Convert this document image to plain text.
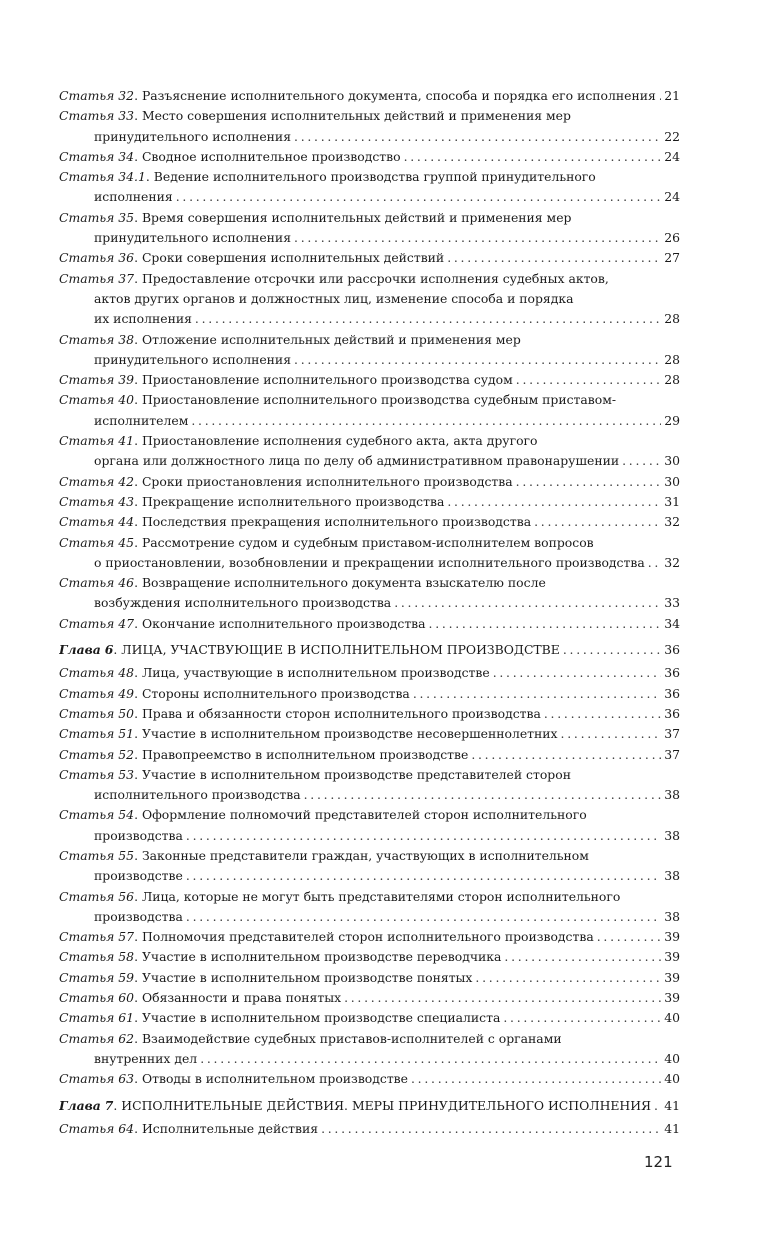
Статья
32 . Разъяснение исполнительного документа, способа и порядка его исполнения . . . 21
Статья
33 . Место совершения исполнительных действий и применения мер
принудительного исполнения . . .	22
Статья
34 . Сводное исполнительное производство . . .	24
Статья
34.1 . Ведение исполнительного производства группой принудительного
исполнения . . .	24
Статья
35 . Время совершения исполнительных действий и применения мер
принудительного исполнения . . .	26
Статья
36 . Сроки совершения исполнительных действий . . .	27
Статья
37 . Предоставление отсрочки или рассрочки исполнения судебных актов,
актов других органов и должностных лиц, изменение способа и порядка
их исполнения . . .	28
Статья
38 . Отложение исполнительных действий и применения мер
принудительного исполнения . . .	28
Статья
39 . Приостановление исполнительного производства судом . . .	28
Статья
40 . Приостановление исполнительного производства судебным приставом-
исполнителем . . .	29
Статья
41 . Приостановление исполнения судебного акта, акта другого
органа или должностного лица по делу об административном правонарушении . . .	30
Статья
42 . Сроки приостановления исполнительного производства . . .	30
Статья
43 . Прекращение исполнительного производства . . .	31
Статья
44 . Последствия прекращения исполнительного производства . . .	32
Статья
45 . Рассмотрение судом и судебным приставом-исполнителем вопросов
о приостановлении, возобновлении и прекращении исполнительного производства . . . 32
Статья
46 . Возвращение исполнительного документа взыскателю после
возбуждения исполнительного производства . . .	33
Статья
47 . Окончание исполнительного производства . . .	34
Глава
6 . ЛИЦА, УЧАСТВУЮЩИЕ В ИСПОЛНИТЕЛЬНОМ ПРОИЗВОДСТВЕ . . .	36
Статья
48 . Лица, участвующие в исполнительном производстве . . .	36
Статья
49 . Стороны исполнительного производства . . .	36
Статья
50 . Права и обязанности сторон исполнительного производства . . .	36
Статья
51 . Участие в исполнительном производстве несовершеннолетних . . .	37
Статья
52 . Правопреемство в исполнительном производстве . . .	37
Статья
53 . Участие в исполнительном производстве представителей сторон
исполнительного производства . . .	38
Статья
54 . Оформление полномочий представителей сторон исполнительного
производства . . .	38
Статья
55 . Законные представители граждан, участвующих в исполнительном
производстве . . .	38
Статья
56 . Лица, которые не могут быть представителями сторон исполнительного
производства . . .	38
Статья
57 . Полномочия представителей сторон исполнительного производства . . .	39
Статья
58 . Участие в исполнительном производстве переводчика . . .	39
Статья
59 . Участие в исполнительном производстве понятых . . .	39
Статья
60 . Обязанности и права понятых . . .	39
Статья
61 . Участие в исполнительном производстве специалиста . . .	40
Статья
62 . Взаимодействие судебных приставов-исполнителей с органами
внутренних дел . . .	40
Статья
63 . Отводы в исполнительном производстве . . .	40
Глава
7 . ИСПОЛНИТЕЛЬНЫЕ ДЕЙСТВИЯ. МЕРЫ ПРИНУДИТЕЛЬНОГО ИСПОЛНЕНИЯ . . . 41
Статья
64 . Исполнительные действия . . .	41
121
